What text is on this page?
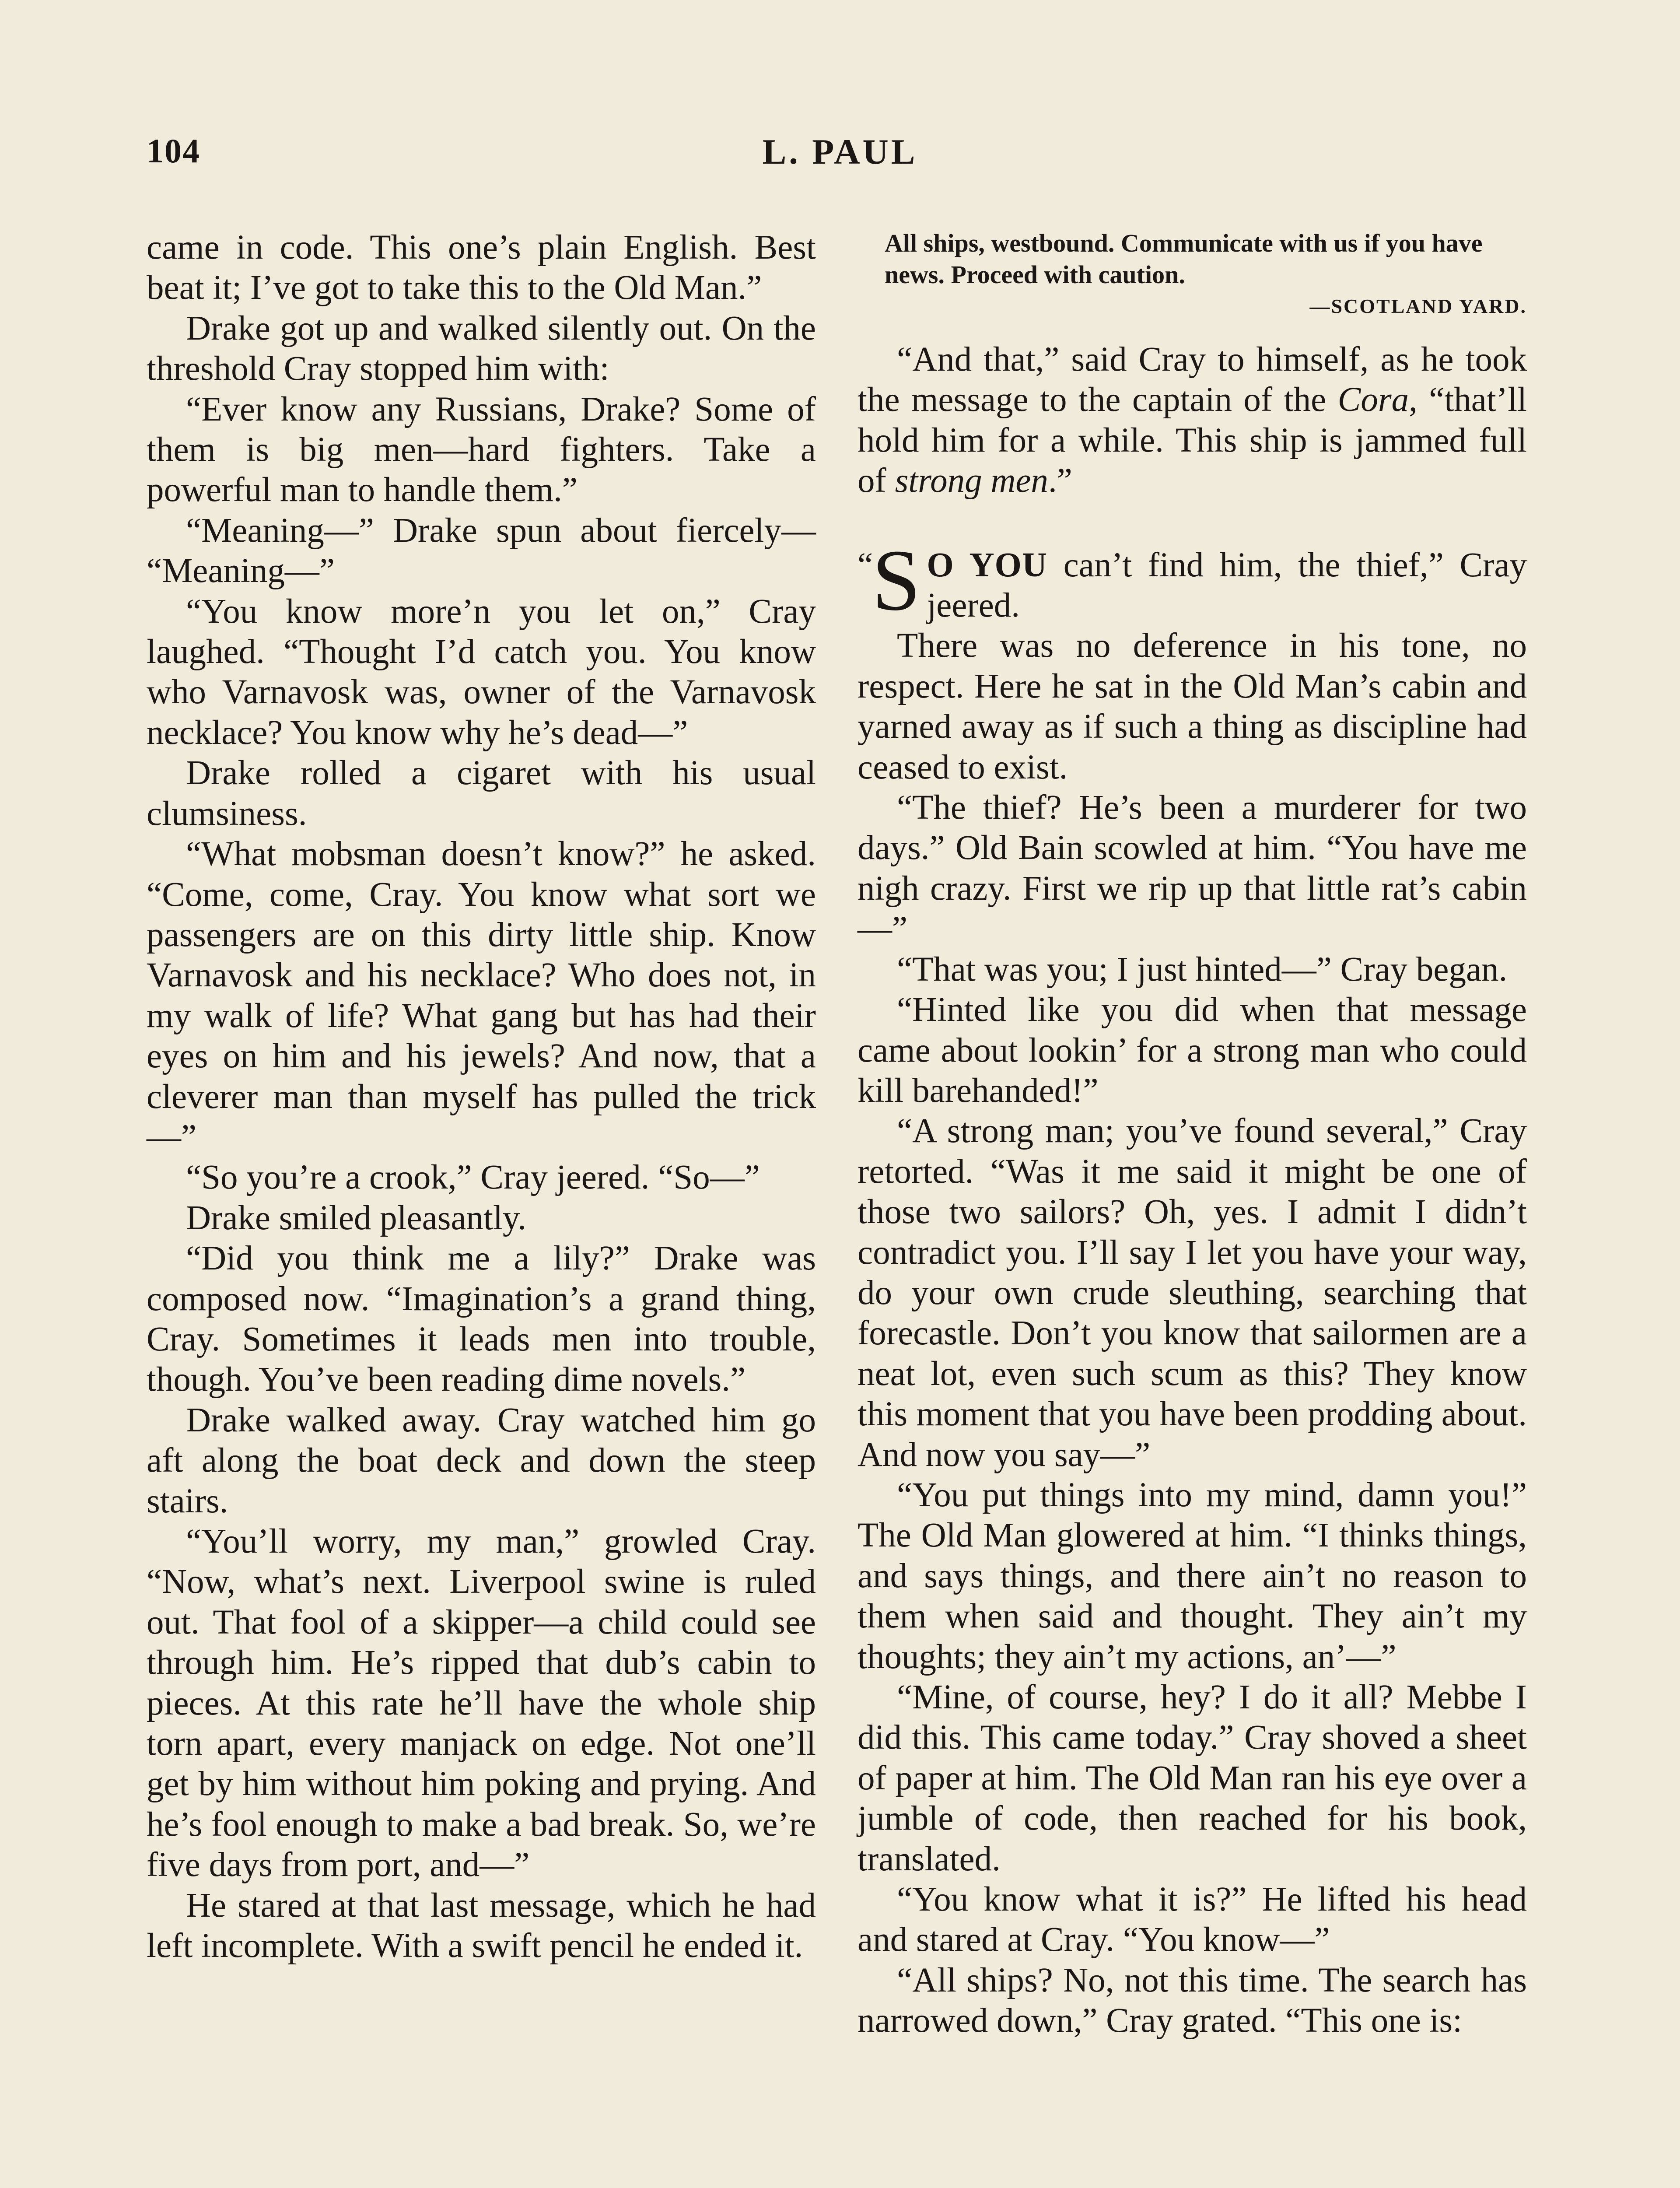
104	L. PAUL

came in code. This one’s plain English. Best beat it; I’ve got to take this to the Old Man.”

Drake got up and walked silently out. On the threshold Cray stopped him with:

“Ever know any Russians, Drake? Some of them is big men—hard fighters. Take a powerful man to handle them.”

“Meaning—” Drake spun about fiercely— “Meaning—”

“You know more’n you let on,” Cray laughed. “Thought I’d catch you. You know who Varnavosk was, owner of the Varnavosk necklace? You know why he’s dead—”

Drake rolled a cigaret with his usual clumsiness.

“What mobsman doesn’t know?” he asked. “Come, come, Cray. You know what sort we passengers are on this dirty little ship. Know Varnavosk and his necklace? Who does not, in my walk of life? What gang but has had their eyes on him and his jewels? And now, that a cleverer man than myself has pulled the trick—”

“So you’re a crook,” Cray jeered. “So—”

Drake smiled pleasantly.

“Did you think me a lily?” Drake was composed now. “Imagination’s a grand thing, Cray. Sometimes it leads men into trouble, though. You’ve been reading dime novels.”

Drake walked away. Cray watched him go aft along the boat deck and down the steep stairs.

“You’ll worry, my man,” growled Cray. “Now, what’s next. Liverpool swine is ruled out. That fool of a skipper—a child could see through him. He’s ripped that dub’s cabin to pieces. At this rate he’ll have the whole ship torn apart, every manjack on edge. Not one’ll get by him without him poking and prying. And he’s fool enough to make a bad break. So, we’re five days from port, and—”

He stared at that last message, which he had left incomplete. With a swift pencil he ended it.

All ships, westbound. Communicate with us if you have news. Proceed with caution.
—SCOTLAND YARD.

“And that,” said Cray to himself, as he took the message to the captain of the Cora, “that’ll hold him for a while. This ship is jammed full of strong men.”

“
S O YOU can’t find him, the thief,” Cray jeered.

There was no deference in his tone, no respect. Here he sat in the Old Man’s cabin and yarned away as if such a thing as discipline had ceased to exist.

“The thief? He’s been a murderer for two days.” Old Bain scowled at him. “You have me nigh crazy. First we rip up that little rat’s cabin—”

“That was you; I just hinted—” Cray began.

“Hinted like you did when that message came about lookin’ for a strong man who could kill barehanded!”

“A strong man; you’ve found several,” Cray retorted. “Was it me said it might be one of those two sailors? Oh, yes. I admit I didn’t contradict you. I’ll say I let you have your way, do your own crude sleuthing, searching that forecastle. Don’t you know that sailormen are a neat lot, even such scum as this? They know this moment that you have been prodding about. And now you say—”

“You put things into my mind, damn you!” The Old Man glowered at him. “I thinks things, and says things, and there ain’t no reason to them when said and thought. They ain’t my thoughts; they ain’t my actions, an’—”

“Mine, of course, hey? I do it all? Mebbe I did this. This came today.” Cray shoved a sheet of paper at him. The Old Man ran his eye over a jumble of code, then reached for his book, translated.

“You know what it is?” He lifted his head and stared at Cray. “You know—”

“All ships? No, not this time. The search has narrowed down,” Cray grated. “This one is:
